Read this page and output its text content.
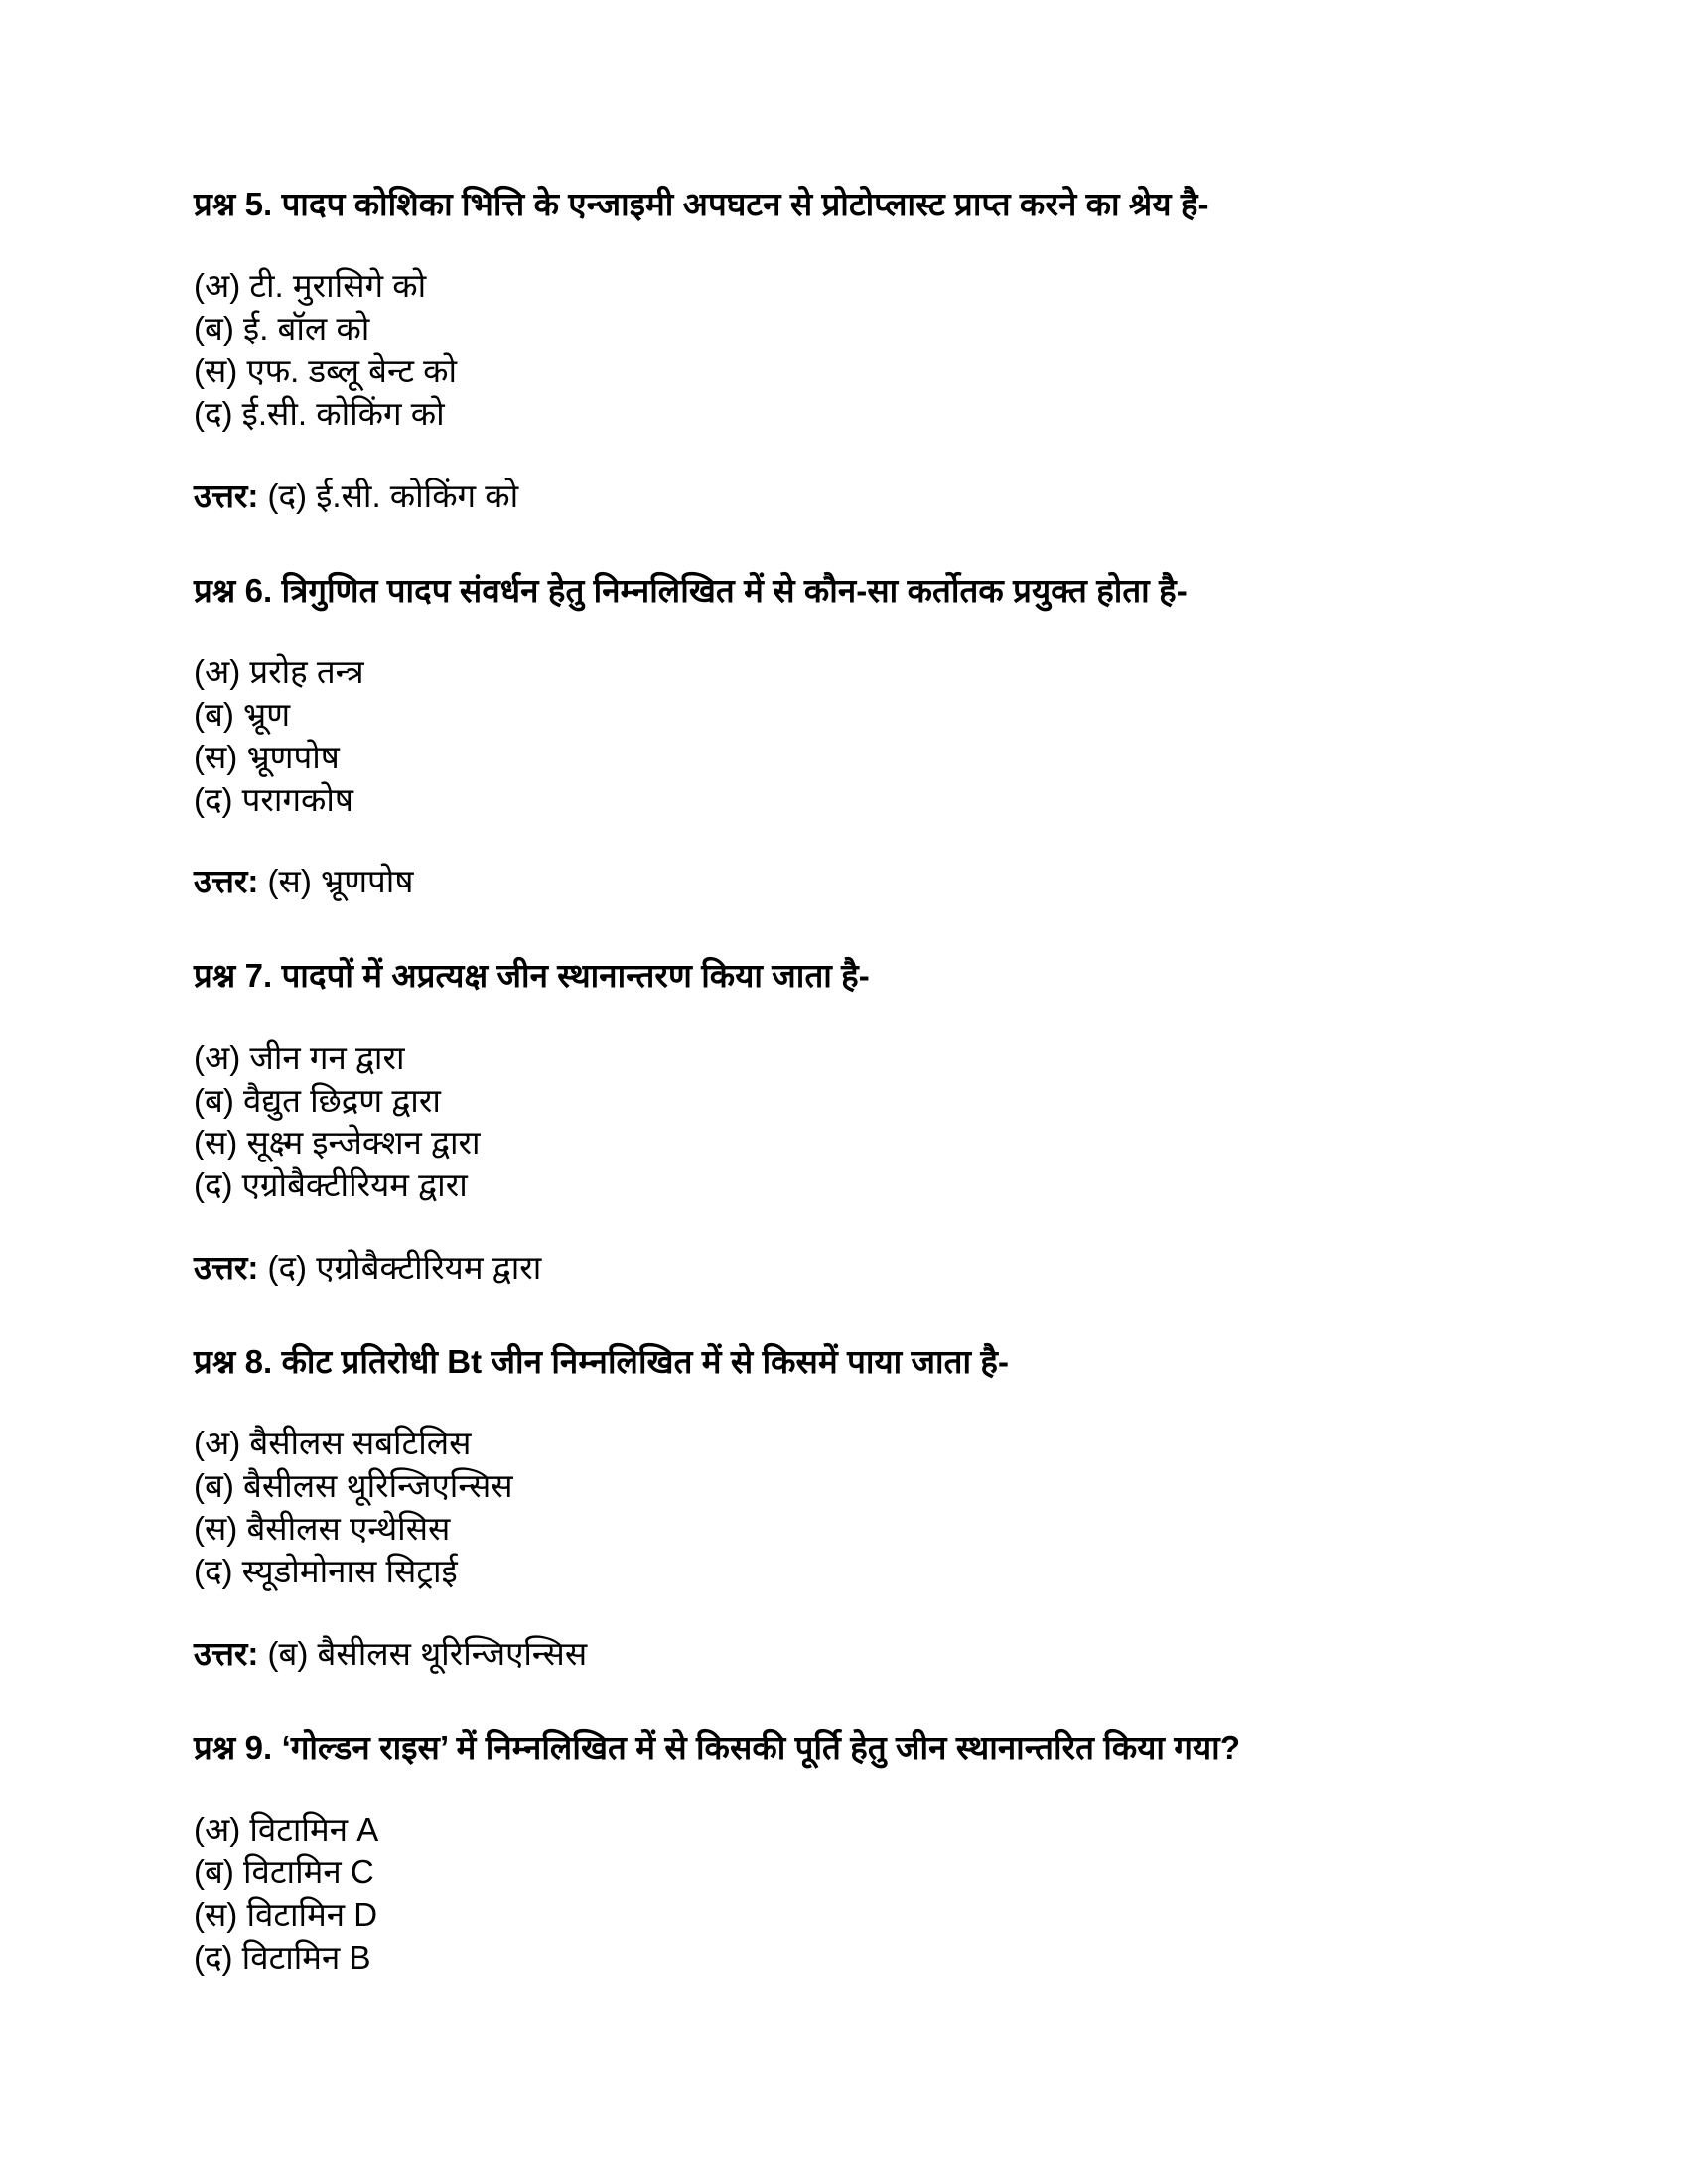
प्रश्न 5. पादप कोशिका भित्ति के एन्जाइमी अपघटन से प्रोटोप्लास्ट प्राप्त करने का श्रेय है-

(अ) टी. मुरासिगे को
(ब) ई. बॉल को
(स) एफ. डब्लू बेन्ट को
(द) ई.सी. कोकिंग को

उत्तर: (द) ई.सी. कोकिंग को

प्रश्न 6. त्रिगुणित पादप संवर्धन हेतु निम्नलिखित में से कौन-सा कर्तोतक प्रयुक्त होता है-

(अ) प्ररोह तन्त्र
(ब) भ्रूण
(स) भ्रूणपोष
(द) परागकोष

उत्तर: (स) भ्रूणपोष

प्रश्न 7. पादपों में अप्रत्यक्ष जीन स्थानान्तरण किया जाता है-

(अ) जीन गन द्वारा
(ब) वैद्युत छिद्रण द्वारा
(स) सूक्ष्म इन्जेक्शन द्वारा
(द) एग्रोबैक्टीरियम द्वारा

उत्तर: (द) एग्रोबैक्टीरियम द्वारा

प्रश्न 8. कीट प्रतिरोधी Bt जीन निम्नलिखित में से किसमें पाया जाता है-

(अ) बैसीलस सबटिलिस
(ब) बैसीलस थूरिन्जिएन्सिस
(स) बैसीलस एन्थेसिस
(द) स्यूडोमोनास सिट्राई

उत्तर: (ब) बैसीलस थूरिन्जिएन्सिस

प्रश्न 9. ‘गोल्डन राइस’ में निम्नलिखित में से किसकी पूर्ति हेतु जीन स्थानान्तरित किया गया?

(अ) विटामिन A
(ब) विटामिन C
(स) विटामिन D
(द) विटामिन B
